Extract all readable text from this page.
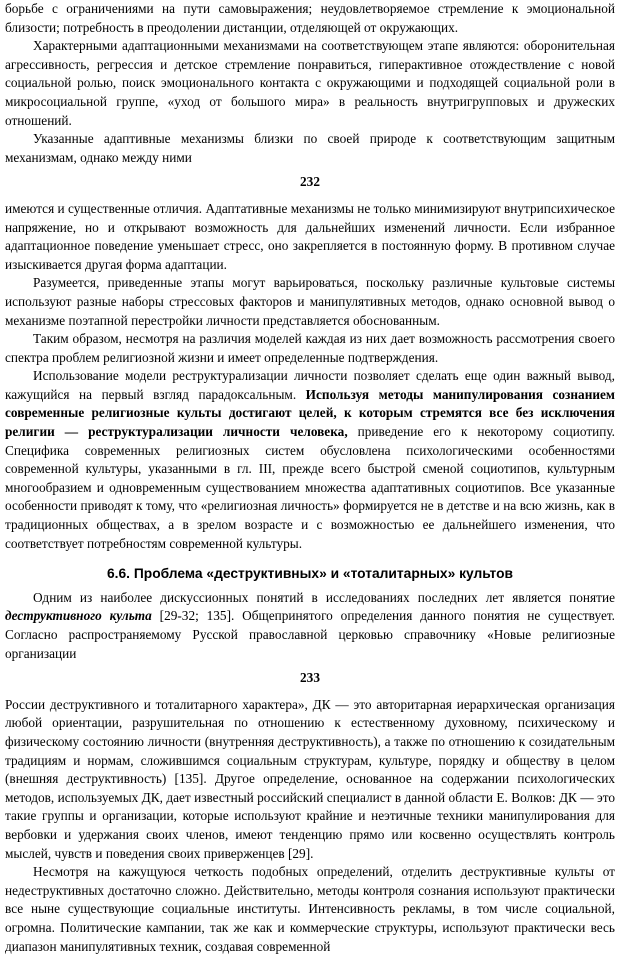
борьбе с ограничениями на пути самовыражения; неудовлетворяемое стремление к эмоциональной близости; потребность в преодолении дистанции, отделяющей от окружающих.

Характерными адаптационными механизмами на соответствующем этапе являются: оборонительная агрессивность, регрессия и детское стремление понравиться, гиперактивное отождествление с новой социальной ролью, поиск эмоционального контакта с окружающими и подходящей социальной роли в микросоциальной группе, «уход от большого мира» в реальность внутригрупповых и дружеских отношений.

Указанные адаптивные механизмы близки по своей природе к соответствующим защитным механизмам, однако между ними

232

имеются и существенные отличия. Адаптативные механизмы не только минимизируют внутрипсихическое напряжение, но и открывают возможность для дальнейших изменений личности. Если избранное адаптационное поведение уменьшает стресс, оно закрепляется в постоянную форму. В противном случае изыскивается другая форма адаптации.

Разумеется, приведенные этапы могут варьироваться, поскольку различные культовые системы используют разные наборы стрессовых факторов и манипулятивных методов, однако основной вывод о механизме поэтапной перестройки личности представляется обоснованным.

Таким образом, несмотря на различия моделей каждая из них дает возможность рассмотрения своего спектра проблем религиозной жизни и имеет определенные подтверждения.

Использование модели реструктурализации личности позволяет сделать еще один важный вывод, кажущийся на первый взгляд парадоксальным. Используя методы манипулирования сознанием современные религиозные культы достигают целей, к которым стремятся все без исключения религии — реструктурализации личности человека, приведение его к некоторому социотипу. Специфика современных религиозных систем обусловлена психологическими особенностями современной культуры, указанными в гл. III, прежде всего быстрой сменой социотипов, культурным многообразием и одновременным существованием множества адаптативных социотипов. Все указанные особенности приводят к тому, что «религиозная личность» формируется не в детстве и на всю жизнь, как в традиционных обществах, а в зрелом возрасте и с возможностью ее дальнейшего изменения, что соответствует потребностям современной культуры.

6.6. Проблема «деструктивных» и «тоталитарных» культов

Одним из наиболее дискуссионных понятий в исследованиях последних лет является понятие деструктивного культа [29-32; 135]. Общепринятого определения данного понятия не существует. Согласно распространяемому Русской православной церковью справочнику «Новые религиозные организации

233

России деструктивного и тоталитарного характера», ДК — это авторитарная иерархическая организация любой ориентации, разрушительная по отношению к естественному духовному, психическому и физическому состоянию личности (внутренняя деструктивность), а также по отношению к созидательным традициям и нормам, сложившимся социальным структурам, культуре, порядку и обществу в целом (внешняя деструктивность) [135]. Другое определение, основанное на содержании психологических методов, используемых ДК, дает известный российский специалист в данной области Е. Волков: ДК — это такие группы и организации, которые используют крайние и неэтичные техники манипулирования для вербовки и удержания своих членов, имеют тенденцию прямо или косвенно осуществлять контроль мыслей, чувств и поведения своих приверженцев [29].

Несмотря на кажущуюся четкость подобных определений, отделить деструктивные культы от недеструктивных достаточно сложно. Действительно, методы контроля сознания используют практически все ныне существующие социальные институты. Интенсивность рекламы, в том числе социальной, огромна. Политические кампании, так же как и коммерческие структуры, используют практически весь диапазон манипулятивных техник, создавая современной
